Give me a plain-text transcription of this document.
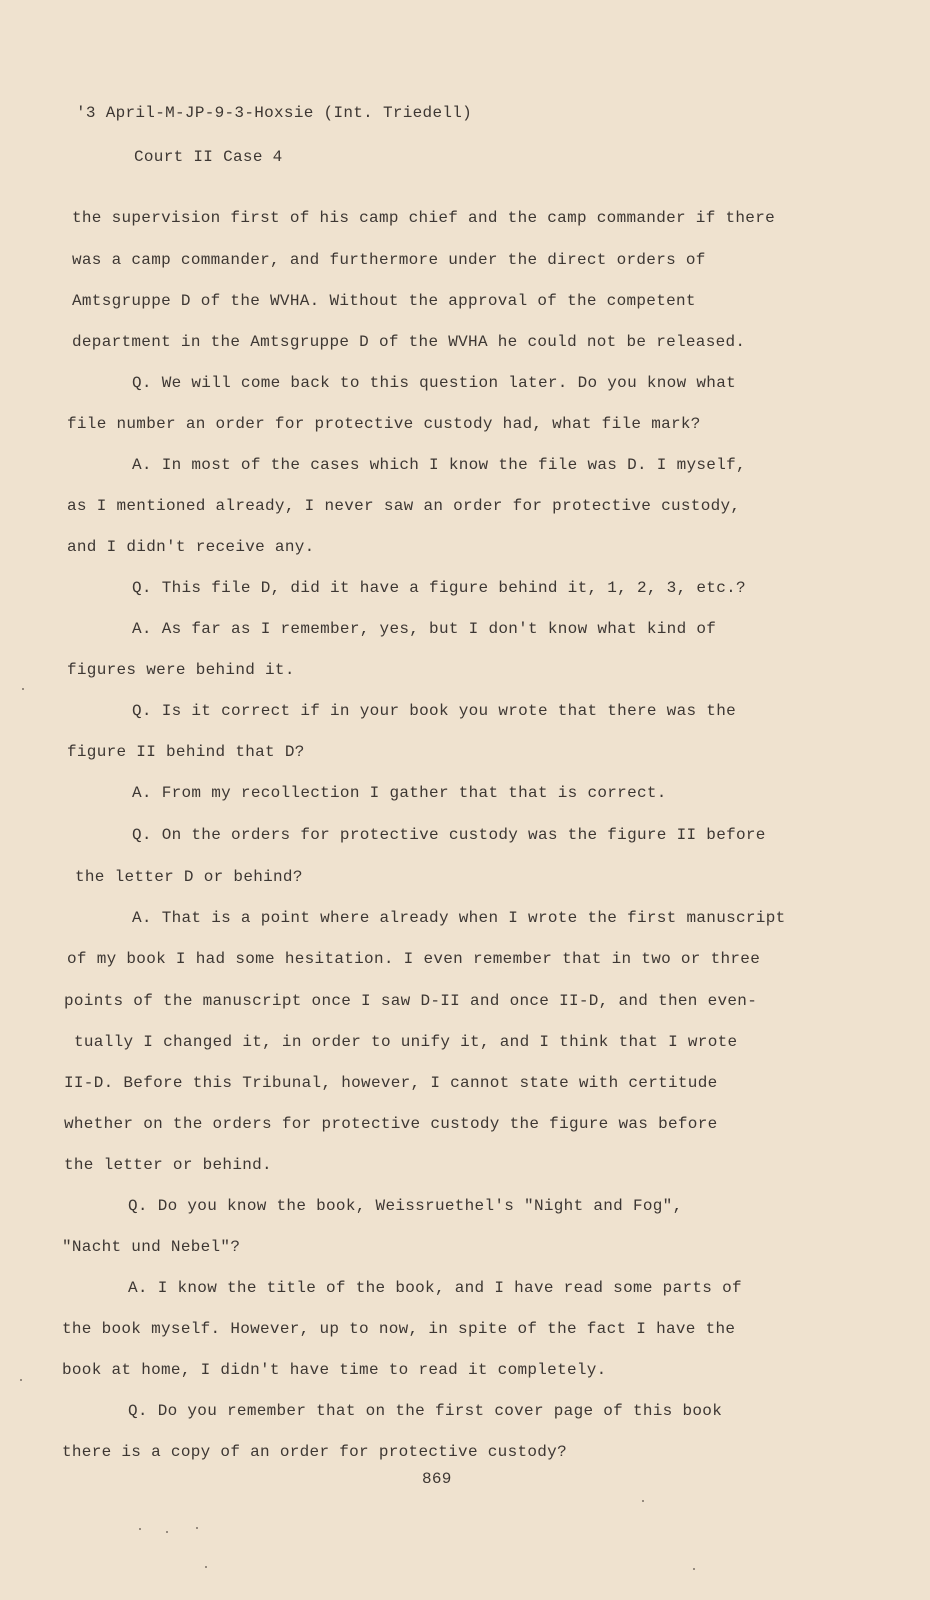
'3 April-M-JP-9-3-Hoxsie (Int. Triedell)

Court II Case 4

the supervision first of his camp chief and the camp commander if there

was a camp commander, and furthermore under the direct orders of

Amtsgruppe D of the WVHA. Without the approval of the competent

department in the Amtsgruppe D of the WVHA he could not be released.

Q. We will come back to this question later. Do you know what

file number an order for protective custody had, what file mark?

A. In most of the cases which I know the file was D. I myself,

as I mentioned already, I never saw an order for protective custody,

and I didn't receive any.

Q. This file D, did it have a figure behind it, 1, 2, 3, etc.?

A. As far as I remember, yes, but I don't know what kind of

figures were behind it.

Q. Is it correct if in your book you wrote that there was the

figure II behind that D?

A. From my recollection I gather that that is correct.

Q. On the orders for protective custody was the figure II before

the letter D or behind?

A. That is a point where already when I wrote the first manuscript

of my book I had some hesitation. I even remember that in two or three

points of the manuscript once I saw D-II and once II-D, and then even-

tually I changed it, in order to unify it, and I think that I wrote

II-D. Before this Tribunal, however, I cannot state with certitude

whether on the orders for protective custody the figure was before

the letter or behind.

Q. Do you know the book, Weissruethel's "Night and Fog",

"Nacht und Nebel"?

A. I know the title of the book, and I have read some parts of

the book myself. However, up to now, in spite of the fact I have the

book at home, I didn't have time to read it completely.

Q. Do you remember that on the first cover page of this book

there is a copy of an order for protective custody?

869
